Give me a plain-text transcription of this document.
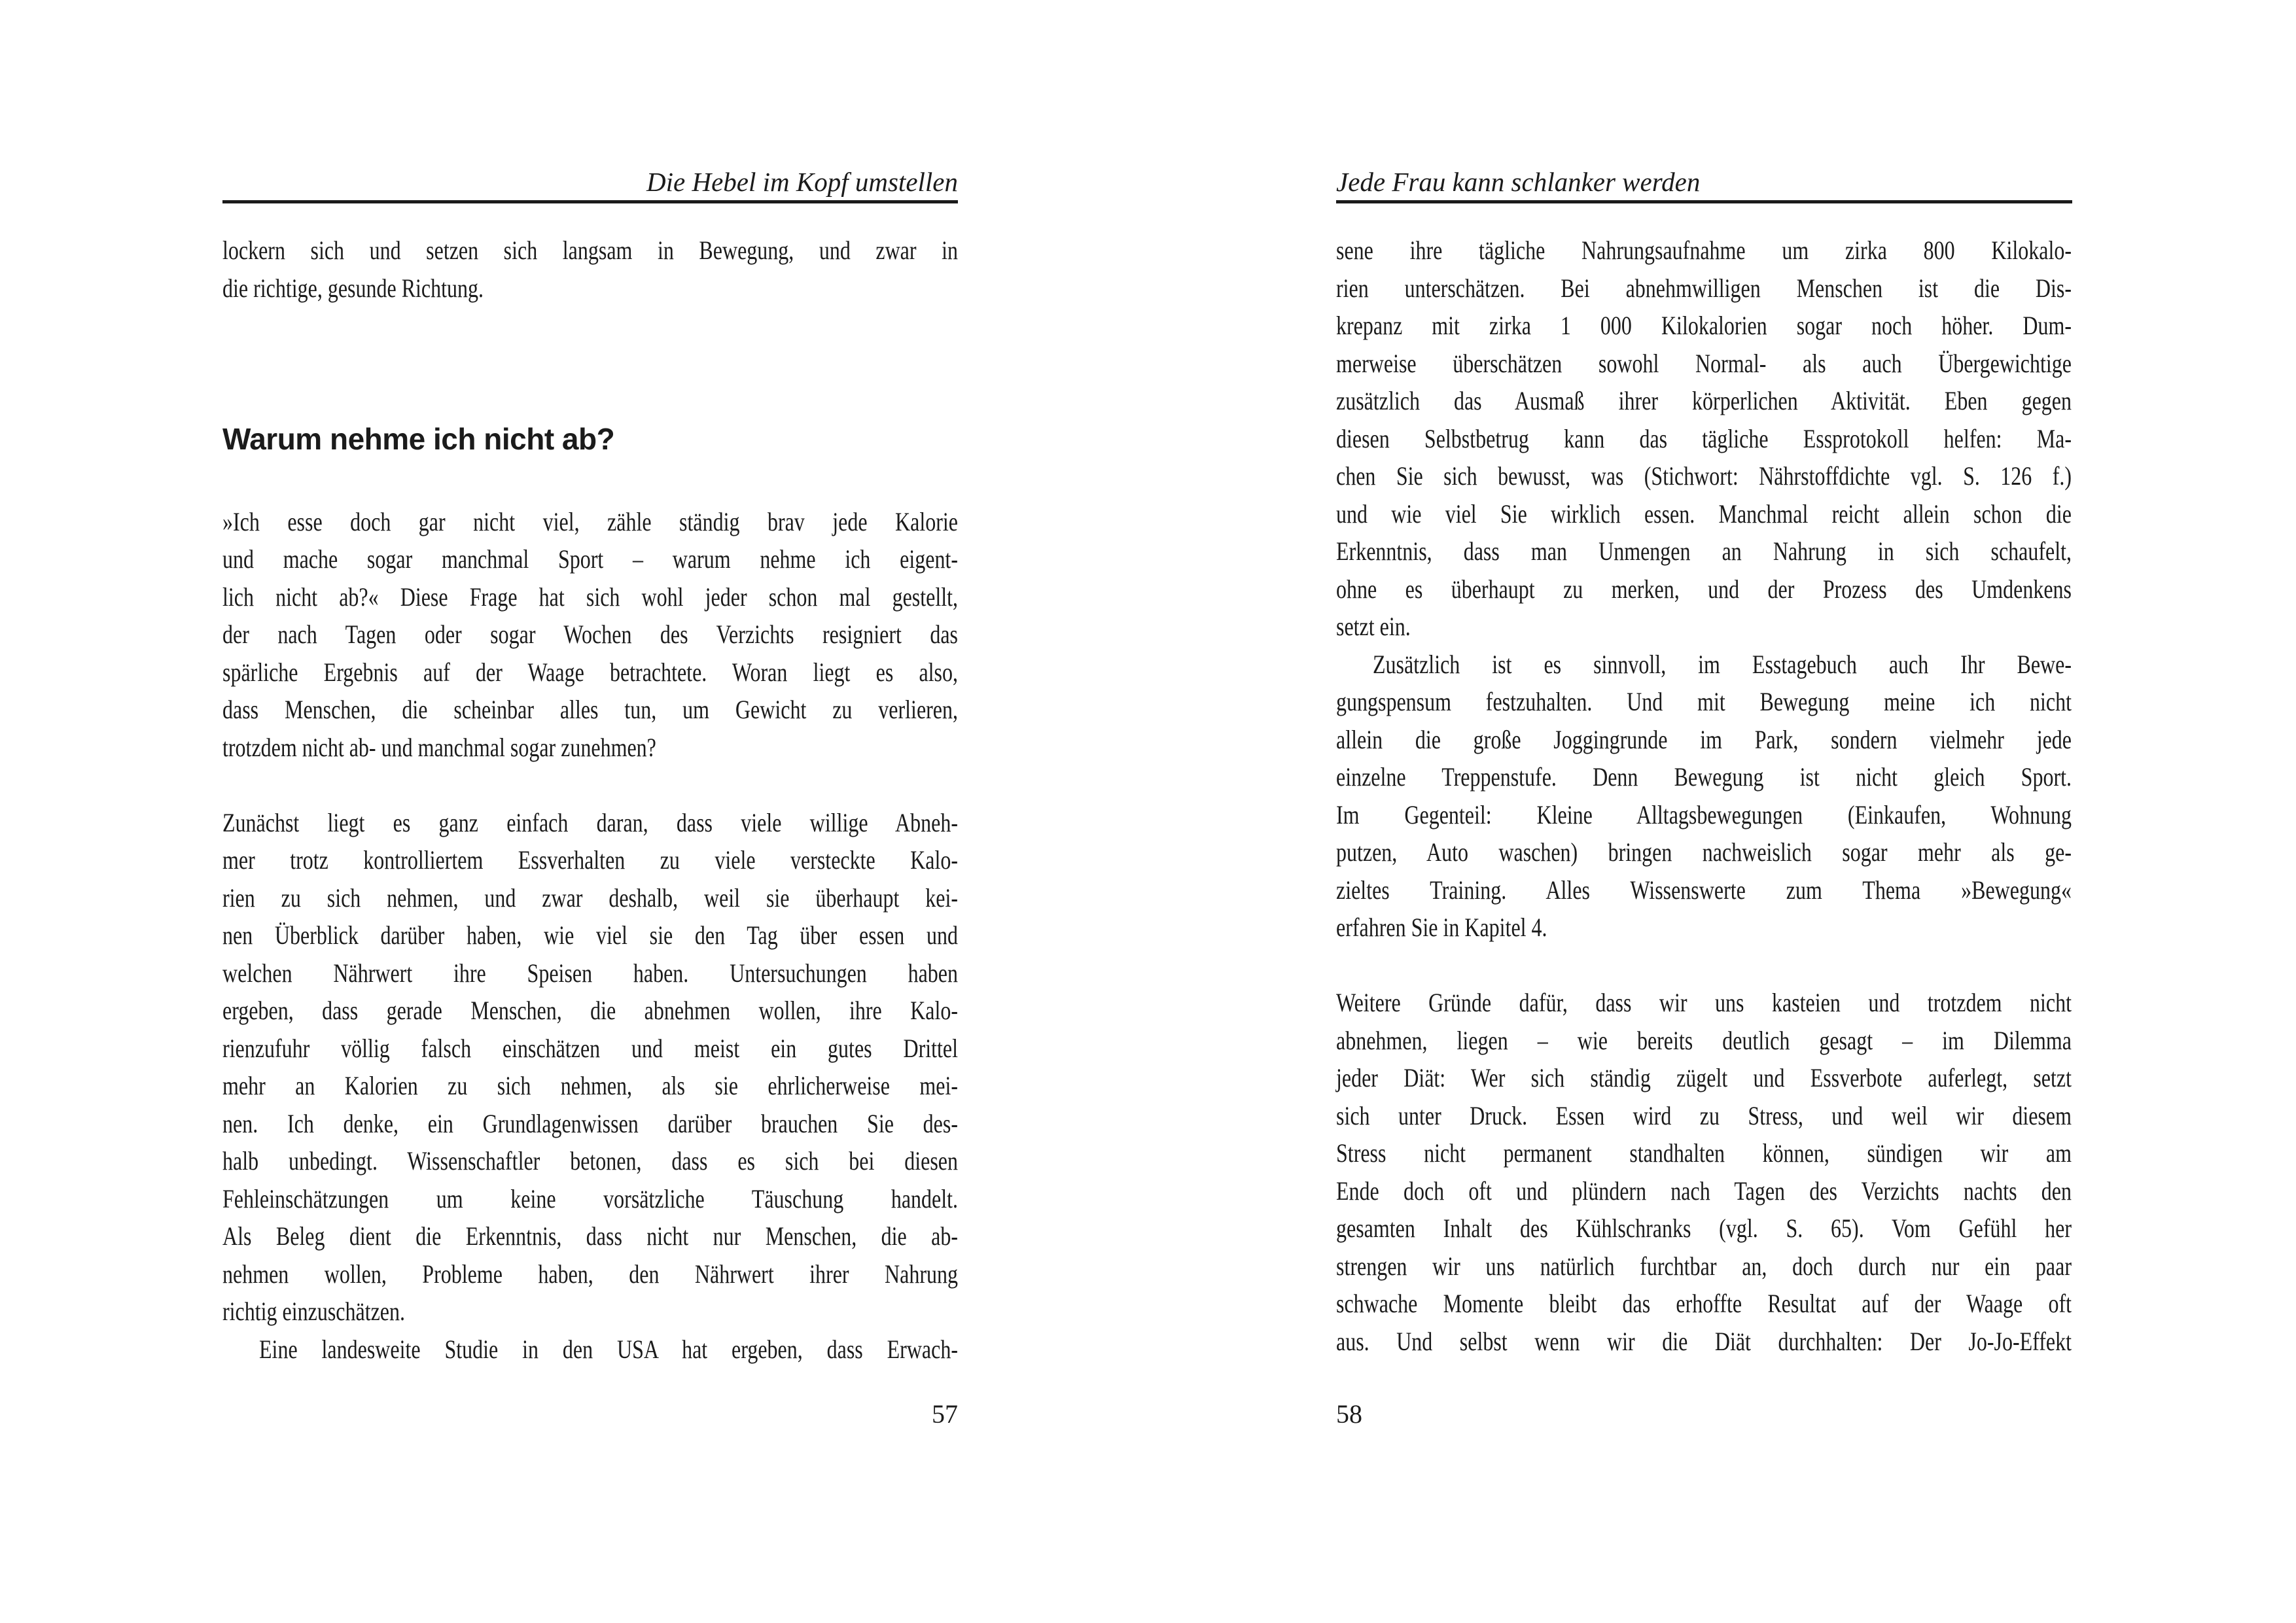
Die Hebel im Kopf umstellen
lockern sich und setzen sich langsam in Bewegung, und zwar in
die richtige, gesunde Richtung.
Warum nehme ich nicht ab?
»Ich esse doch gar nicht viel, zähle ständig brav jede Kalorie
und mache sogar manchmal Sport – warum nehme ich eigent-
lich nicht ab?« Diese Frage hat sich wohl jeder schon mal gestellt,
der nach Tagen oder sogar Wochen des Verzichts resigniert das
spärliche Ergebnis auf der Waage betrachtete. Woran liegt es also,
dass Menschen, die scheinbar alles tun, um Gewicht zu verlieren,
trotzdem nicht ab- und manchmal sogar zunehmen?
Zunächst liegt es ganz einfach daran, dass viele willige Abneh-
mer trotz kontrolliertem Essverhalten zu viele versteckte Kalo-
rien zu sich nehmen, und zwar deshalb, weil sie überhaupt kei-
nen Überblick darüber haben, wie viel sie den Tag über essen und
welchen Nährwert ihre Speisen haben. Untersuchungen haben
ergeben, dass gerade Menschen, die abnehmen wollen, ihre Kalo-
rienzufuhr völlig falsch einschätzen und meist ein gutes Drittel
mehr an Kalorien zu sich nehmen, als sie ehrlicherweise mei-
nen. Ich denke, ein Grundlagenwissen darüber brauchen Sie des-
halb unbedingt. Wissenschaftler betonen, dass es sich bei diesen
Fehleinschätzungen um keine vorsätzliche Täuschung handelt.
Als Beleg dient die Erkenntnis, dass nicht nur Menschen, die ab-
nehmen wollen, Probleme haben, den Nährwert ihrer Nahrung
richtig einzuschätzen.
Eine landesweite Studie in den USA hat ergeben, dass Erwach-
57
Jede Frau kann schlanker werden
sene ihre tägliche Nahrungsaufnahme um zirka 800 Kilokalo-
rien unterschätzen. Bei abnehmwilligen Menschen ist die Dis-
krepanz mit zirka 1 000 Kilokalorien sogar noch höher. Dum-
merweise überschätzen sowohl Normal- als auch Übergewichtige
zusätzlich das Ausmaß ihrer körperlichen Aktivität. Eben gegen
diesen Selbstbetrug kann das tägliche Essprotokoll helfen: Ma-
chen Sie sich bewusst, was (Stichwort: Nährstoffdichte vgl. S. 126 f.)
und wie viel Sie wirklich essen. Manchmal reicht allein schon die
Erkenntnis, dass man Unmengen an Nahrung in sich schaufelt,
ohne es überhaupt zu merken, und der Prozess des Umdenkens
setzt ein.
Zusätzlich ist es sinnvoll, im Esstagebuch auch Ihr Bewe-
gungspensum festzuhalten. Und mit Bewegung meine ich nicht
allein die große Joggingrunde im Park, sondern vielmehr jede
einzelne Treppenstufe. Denn Bewegung ist nicht gleich Sport.
Im Gegenteil: Kleine Alltagsbewegungen (Einkaufen, Wohnung
putzen, Auto waschen) bringen nachweislich sogar mehr als ge-
zieltes Training. Alles Wissenswerte zum Thema »Bewegung«
erfahren Sie in Kapitel 4.
Weitere Gründe dafür, dass wir uns kasteien und trotzdem nicht
abnehmen, liegen – wie bereits deutlich gesagt – im Dilemma
jeder Diät: Wer sich ständig zügelt und Essverbote auferlegt, setzt
sich unter Druck. Essen wird zu Stress, und weil wir diesem
Stress nicht permanent standhalten können, sündigen wir am
Ende doch oft und plündern nach Tagen des Verzichts nachts den
gesamten Inhalt des Kühlschranks (vgl. S. 65). Vom Gefühl her
strengen wir uns natürlich furchtbar an, doch durch nur ein paar
schwache Momente bleibt das erhoffte Resultat auf der Waage oft
aus. Und selbst wenn wir die Diät durchhalten: Der Jo-Jo-Effekt
58
